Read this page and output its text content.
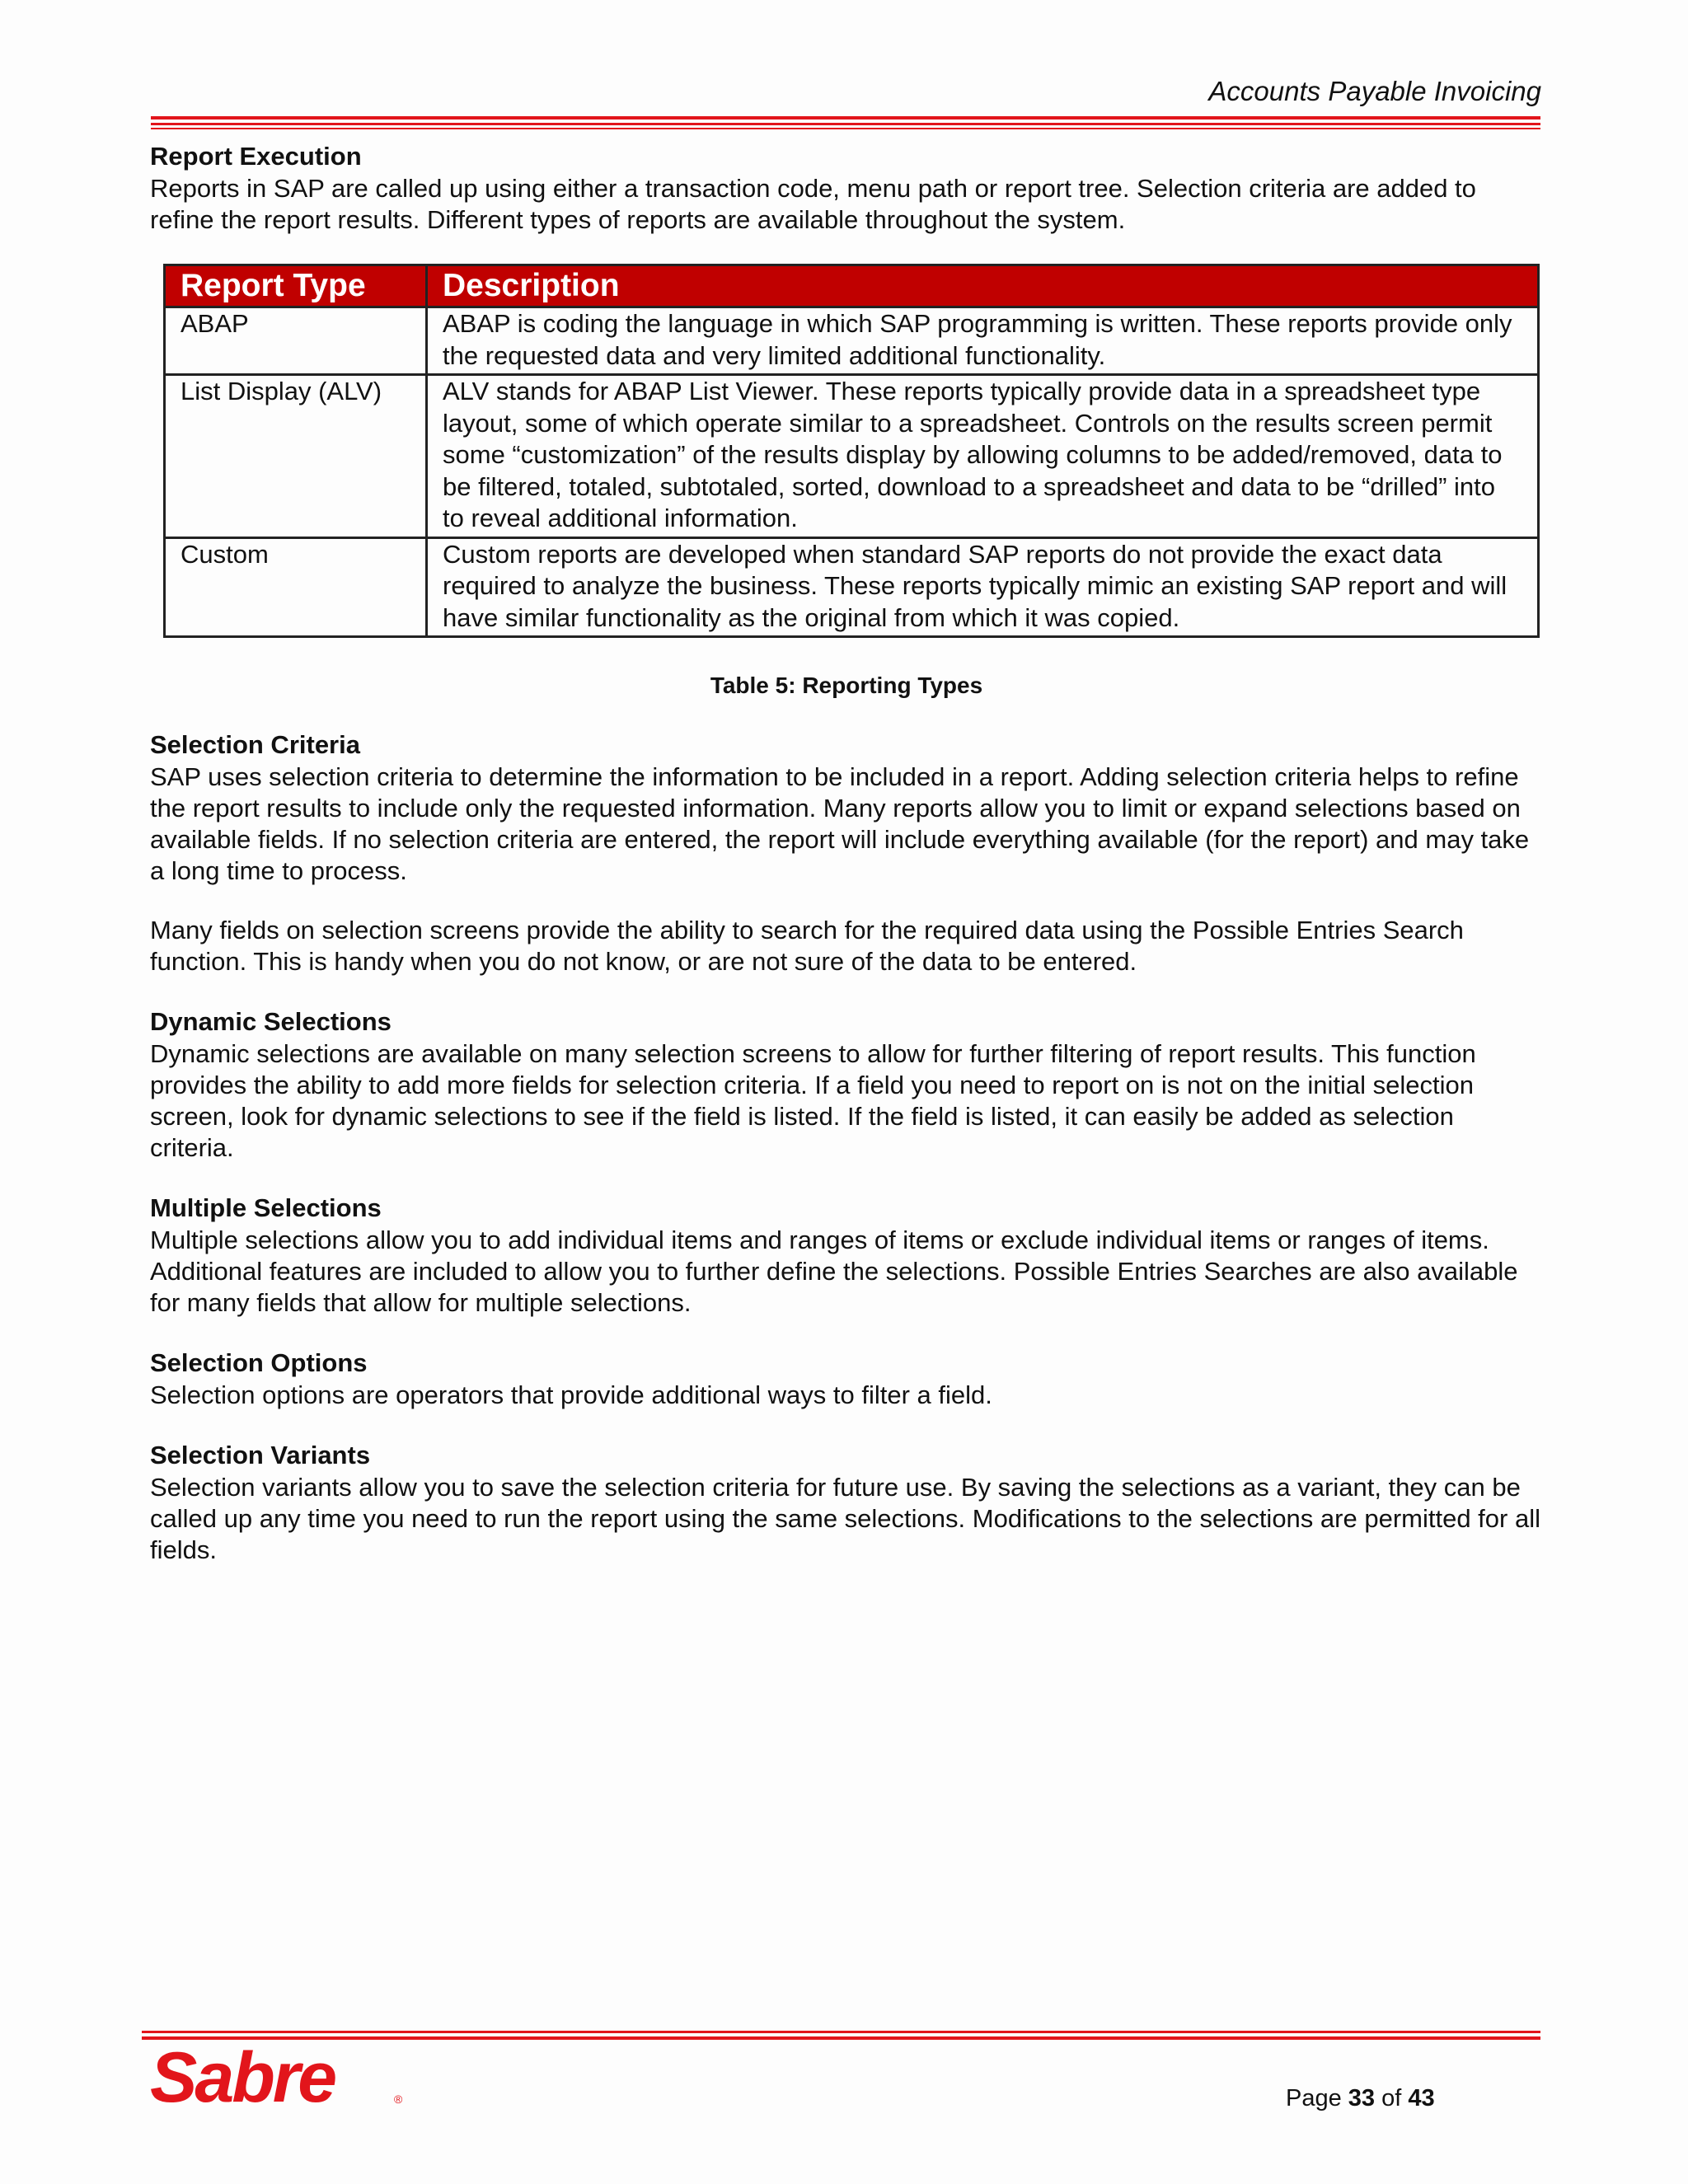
Accounts Payable Invoicing

Report Execution

Reports in SAP are called up using either a transaction code, menu path or report tree. Selection criteria are added to refine the report results. Different types of reports are available throughout the system.

Report Type	Description
ABAP	ABAP is coding the language in which SAP programming is written. These reports provide only the requested data and very limited additional functionality.
List Display (ALV)	ALV stands for ABAP List Viewer. These reports typically provide data in a spreadsheet type layout, some of which operate similar to a spreadsheet. Controls on the results screen permit some “customization” of the results display by allowing columns to be added/removed, data to be filtered, totaled, subtotaled, sorted, download to a spreadsheet and data to be “drilled” into to reveal additional information.
Custom	Custom reports are developed when standard SAP reports do not provide the exact data required to analyze the business. These reports typically mimic an existing SAP report and will have similar functionality as the original from which it was copied.
Table 5: Reporting Types

Selection Criteria

SAP uses selection criteria to determine the information to be included in a report. Adding selection criteria helps to refine the report results to include only the requested information. Many reports allow you to limit or expand selections based on available fields. If no selection criteria are entered, the report will include everything available (for the report) and may take a long time to process.

Many fields on selection screens provide the ability to search for the required data using the Possible Entries Search function. This is handy when you do not know, or are not sure of the data to be entered.

Dynamic Selections

Dynamic selections are available on many selection screens to allow for further filtering of report results. This function provides the ability to add more fields for selection criteria. If a field you need to report on is not on the initial selection screen, look for dynamic selections to see if the field is listed. If the field is listed, it can easily be added as selection criteria.

Multiple Selections

Multiple selections allow you to add individual items and ranges of items or exclude individual items or ranges of items. Additional features are included to allow you to further define the selections. Possible Entries Searches are also available for many fields that allow for multiple selections.

Selection Options

Selection options are operators that provide additional ways to filter a field.

Selection Variants

Selection variants allow you to save the selection criteria for future use. By saving the selections as a variant, they can be called up any time you need to run the report using the same selections. Modifications to the selections are permitted for all fields.

Sabre	®	Page 33 of 43
